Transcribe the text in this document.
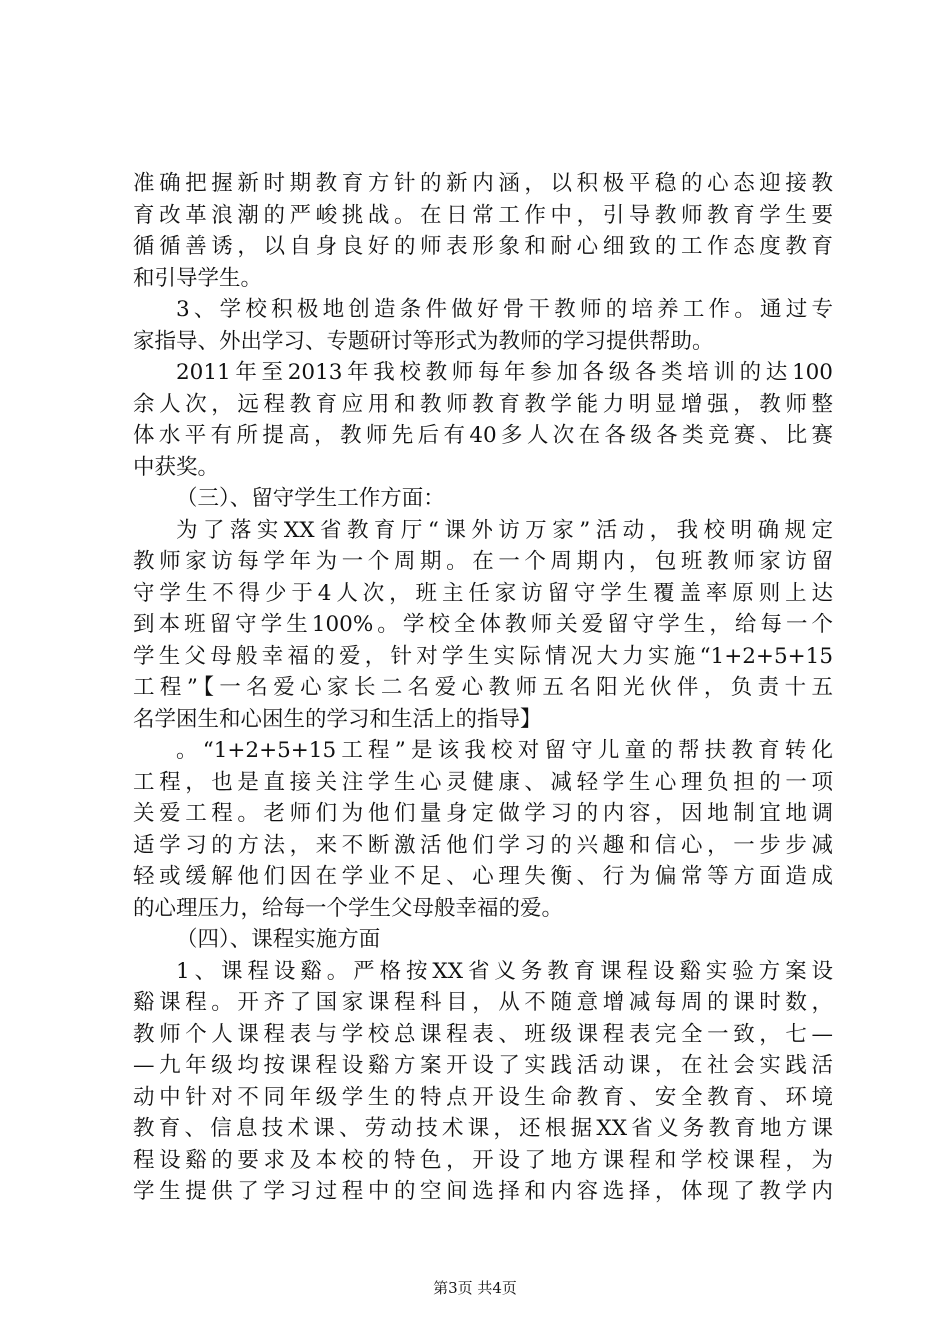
准确把握新时期教育方针的新内涵，以积极平稳的心态迎接教
育改革浪潮的严峻挑战。在日常工作中，引导教师教育学生要
循循善诱，以自身良好的师表形象和耐心细致的工作态度教育
和引导学生。
3、学校积极地创造条件做好骨干教师的培养工作。通过专
家指导、外出学习、专题研讨等形式为教师的学习提供帮助。
2011年至2013年我校教师每年参加各级各类培训的达100
余人次，远程教育应用和教师教育教学能力明显增强，教师整
体水平有所提高，教师先后有40多人次在各级各类竞赛、比赛
中获奖。
（三）、留守学生工作方面：
为了落实XX省教育厅“课外访万家”活动，我校明确规定
教师家访每学年为一个周期。在一个周期内，包班教师家访留
守学生不得少于4人次，班主任家访留守学生覆盖率原则上达
到本班留守学生100%。学校全体教师关爱留守学生，给每一个
学生父母般幸福的爱，针对学生实际情况大力实施“1+2+5+15
工程”【一名爱心家长二名爱心教师五名阳光伙伴，负责十五
名学困生和心困生的学习和生活上的指导】
。“1+2+5+15工程”是该我校对留守儿童的帮扶教育转化
工程，也是直接关注学生心灵健康、减轻学生心理负担的一项
关爱工程。老师们为他们量身定做学习的内容，因地制宜地调
适学习的方法，来不断激活他们学习的兴趣和信心，一步步减
轻或缓解他们因在学业不足、心理失衡、行为偏常等方面造成
的心理压力，给每一个学生父母般幸福的爱。
（四）、课程实施方面
1、课程设谿。严格按XX省义务教育课程设谿实验方案设
谿课程。开齐了国家课程科目，从不随意增减每周的课时数，
教师个人课程表与学校总课程表、班级课程表完全一致，七—
—九年级均按课程设谿方案开设了实践活动课，在社会实践活
动中针对不同年级学生的特点开设生命教育、安全教育、环境
教育、信息技术课、劳动技术课，还根据XX省义务教育地方课
程设谿的要求及本校的特色，开设了地方课程和学校课程，为
学生提供了学习过程中的空间选择和内容选择，体现了教学内
第3页 共4页
